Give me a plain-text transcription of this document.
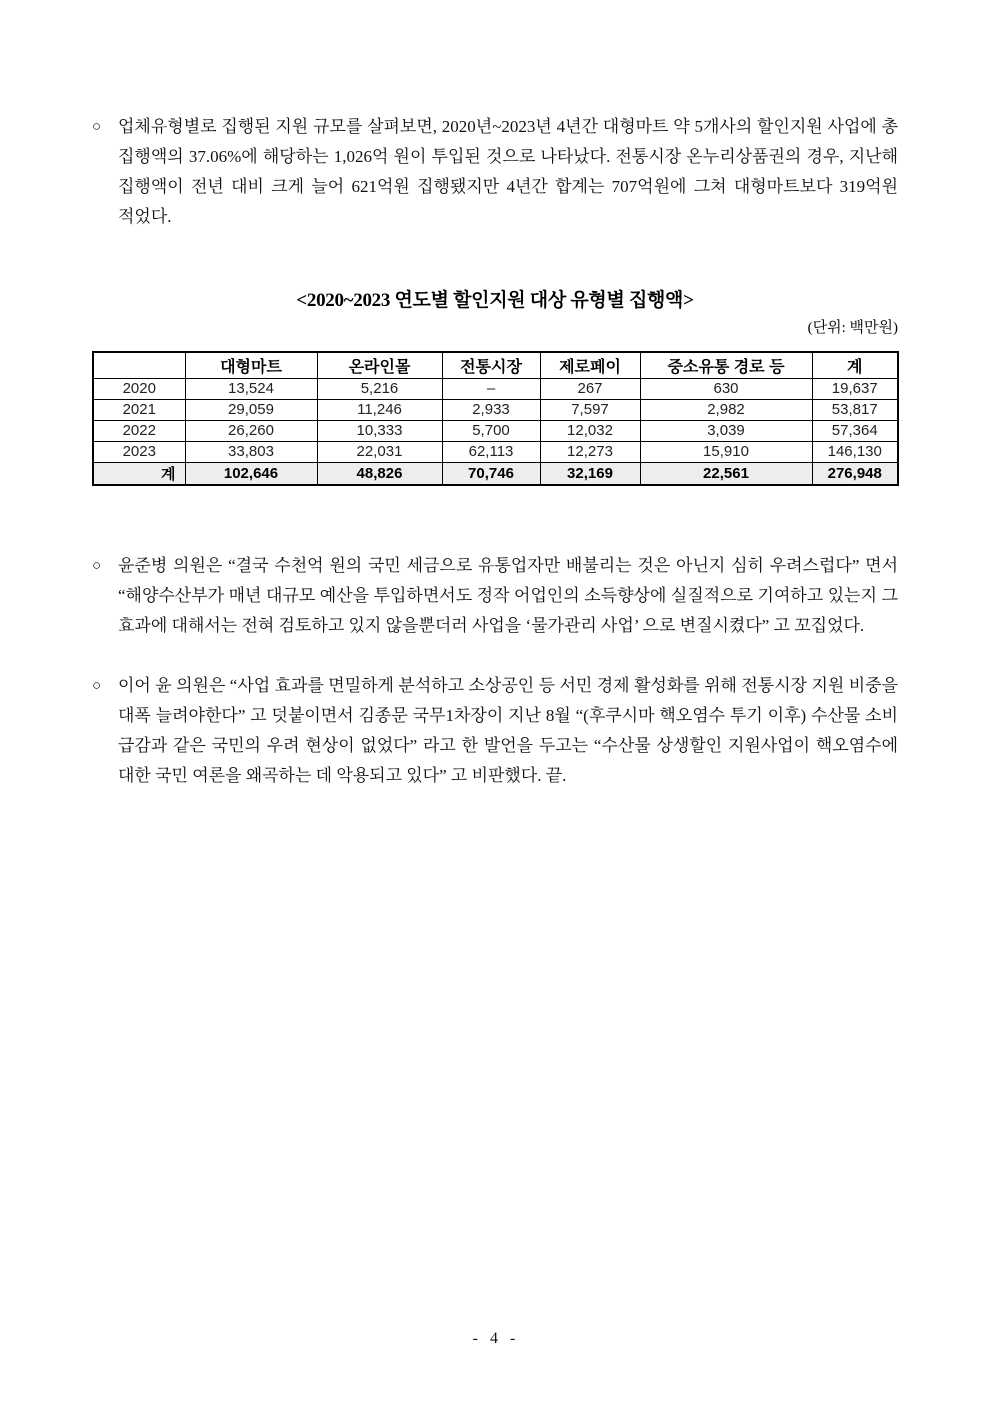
○ 업체유형별로 집행된 지원 규모를 살펴보면, 2020년~2023년 4년간 대형마트 약 5개사의 할인지원 사업에 총 집행액의 37.06%에 해당하는 1,026억 원이 투입된 것으로 나타났다. 전통시장 온누리상품권의 경우, 지난해 집행액이 전년 대비 크게 늘어 621억원 집행됐지만 4년간 합계는 707억원에 그쳐 대형마트보다 319억원 적었다.
<2020~2023 연도별 할인지원 대상 유형별 집행액>
(단위: 백만원)
	대형마트	온라인몰	전통시장	제로페이	중소유통 경로 등	계
2020	13,524	5,216	–	267	630	19,637
2021	29,059	11,246	2,933	7,597	2,982	53,817
2022	26,260	10,333	5,700	12,032	3,039	57,364
2023	33,803	22,031	62,113	12,273	15,910	146,130
계	102,646	48,826	70,746	32,169	22,561	276,948
○ 윤준병 의원은 “결국 수천억 원의 국민 세금으로 유통업자만 배불리는 것은 아닌지 심히 우려스럽다” 면서 “해양수산부가 매년 대규모 예산을 투입하면서도 정작 어업인의 소득향상에 실질적으로 기여하고 있는지 그 효과에 대해서는 전혀 검토하고 있지 않을뿐더러 사업을 ‘물가관리 사업’ 으로 변질시켰다” 고 꼬집었다.
○ 이어 윤 의원은 “사업 효과를 면밀하게 분석하고 소상공인 등 서민 경제 활성화를 위해 전통시장 지원 비중을 대폭 늘려야한다” 고 덧붙이면서 김종문 국무1차장이 지난 8월 “(후쿠시마 핵오염수 투기 이후) 수산물 소비 급감과 같은 국민의 우려 현상이 없었다” 라고 한 발언을 두고는 “수산물 상생할인 지원사업이 핵오염수에 대한 국민 여론을 왜곡하는 데 악용되고 있다” 고 비판했다. 끝.
- 4 -
